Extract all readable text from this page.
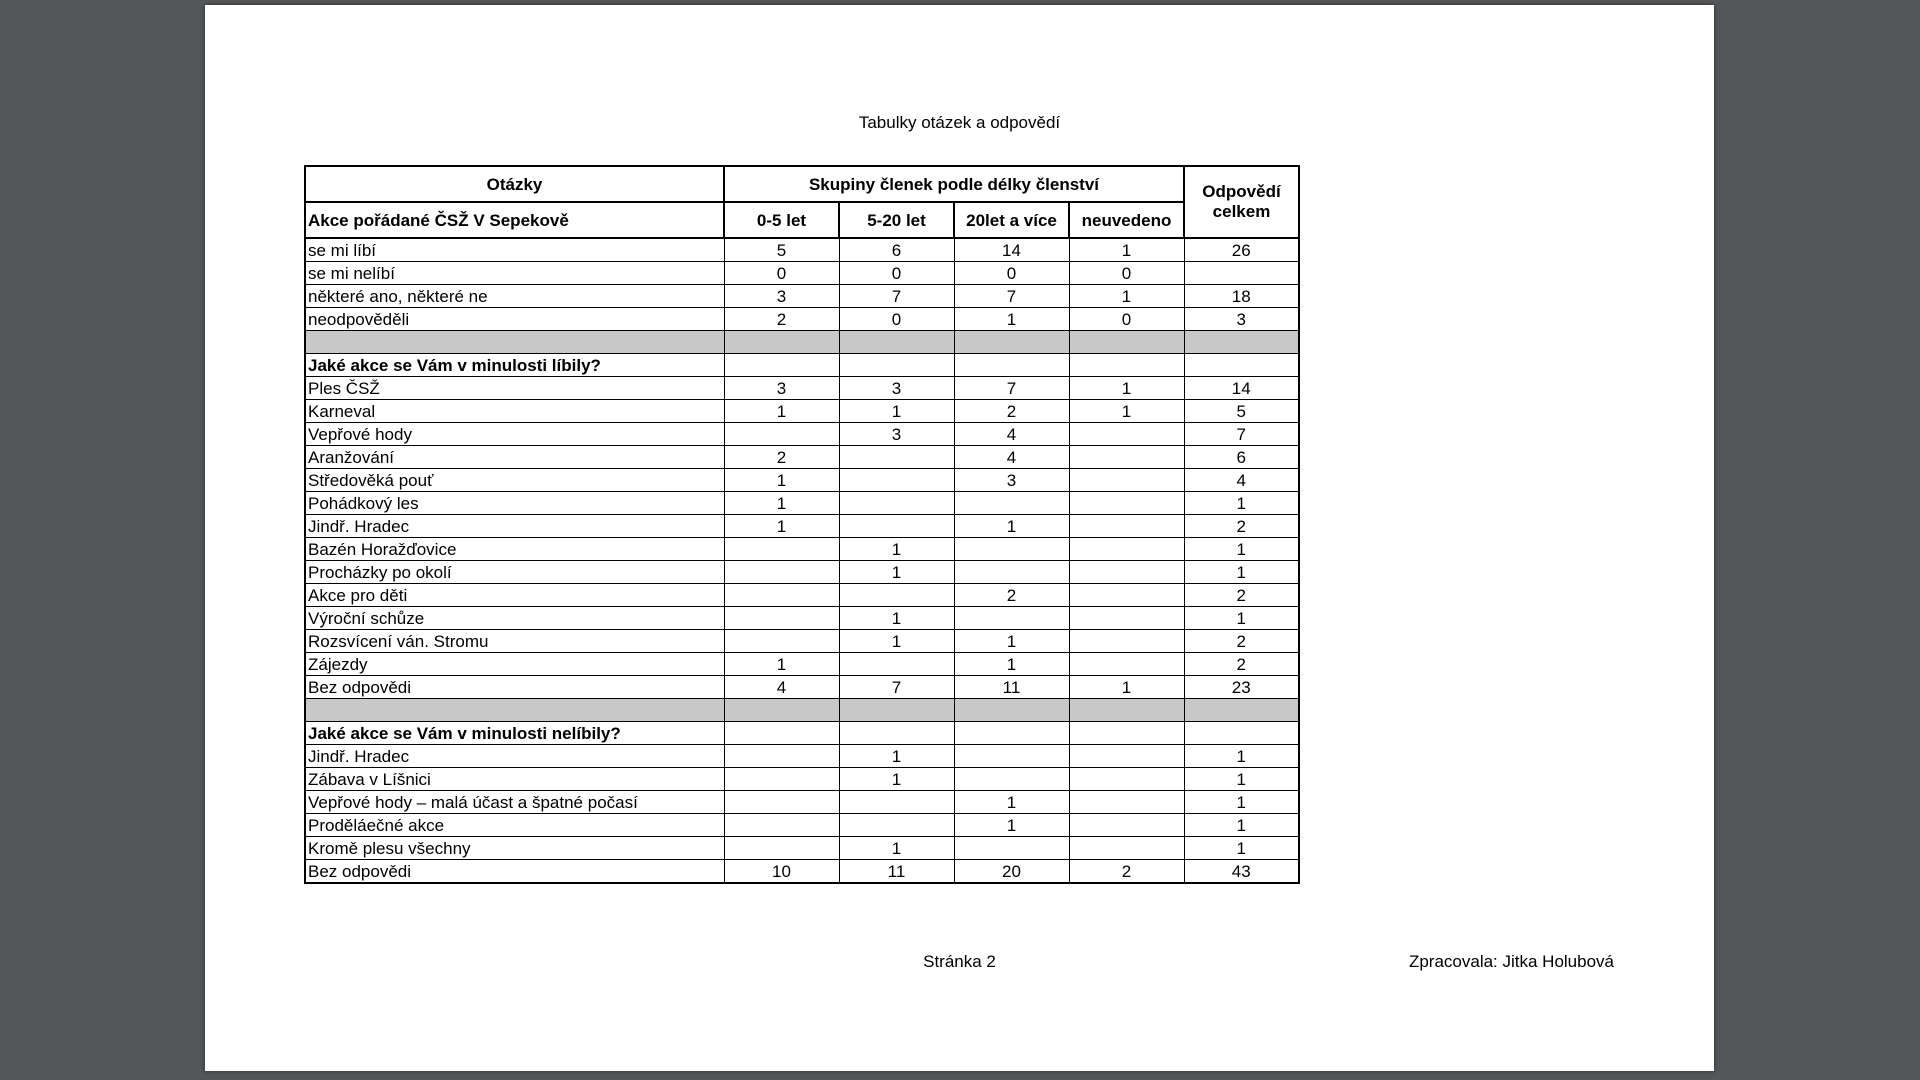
Tabulky otázek a odpovědí
Otázky	Skupiny členek podle délky členství				Odpovědí celkem
Akce pořádané ČSŽ V Sepekově	0-5 let	5-20 let	20let a více	neuvedeno	
se mi líbí	5	6	14	1	26
se mi nelíbí	0	0	0	0	
některé ano, některé ne	3	7	7	1	18
neodpověděli	2	0	1	0	3

Jaké akce se Vám v minulosti líbily?					
Ples ČSŽ	3	3	7	1	14
Karneval	1	1	2	1	5
Vepřové hody		3	4		7
Aranžování	2		4		6
Středověká pouť	1		3		4
Pohádkový les	1				1
Jindř. Hradec	1		1		2
Bazén Horažďovice		1			1
Procházky po okolí		1			1
Akce pro děti			2		2
Výroční schůze		1			1
Rozsvícení ván. Stromu		1	1		2
Zájezdy	1		1		2
Bez odpovědi	4	7	11	1	23

Jaké akce se Vám v minulosti nelíbily?					
Jindř. Hradec		1			1
Zábava v Líšnici		1			1
Vepřové hody – malá účast a špatné počasí			1		1
Proděláečné akce			1		1
Kromě plesu všechny		1			1
Bez odpovědi	10	11	20	2	43
Stránka 2	Zpracovala: Jitka Holubová
